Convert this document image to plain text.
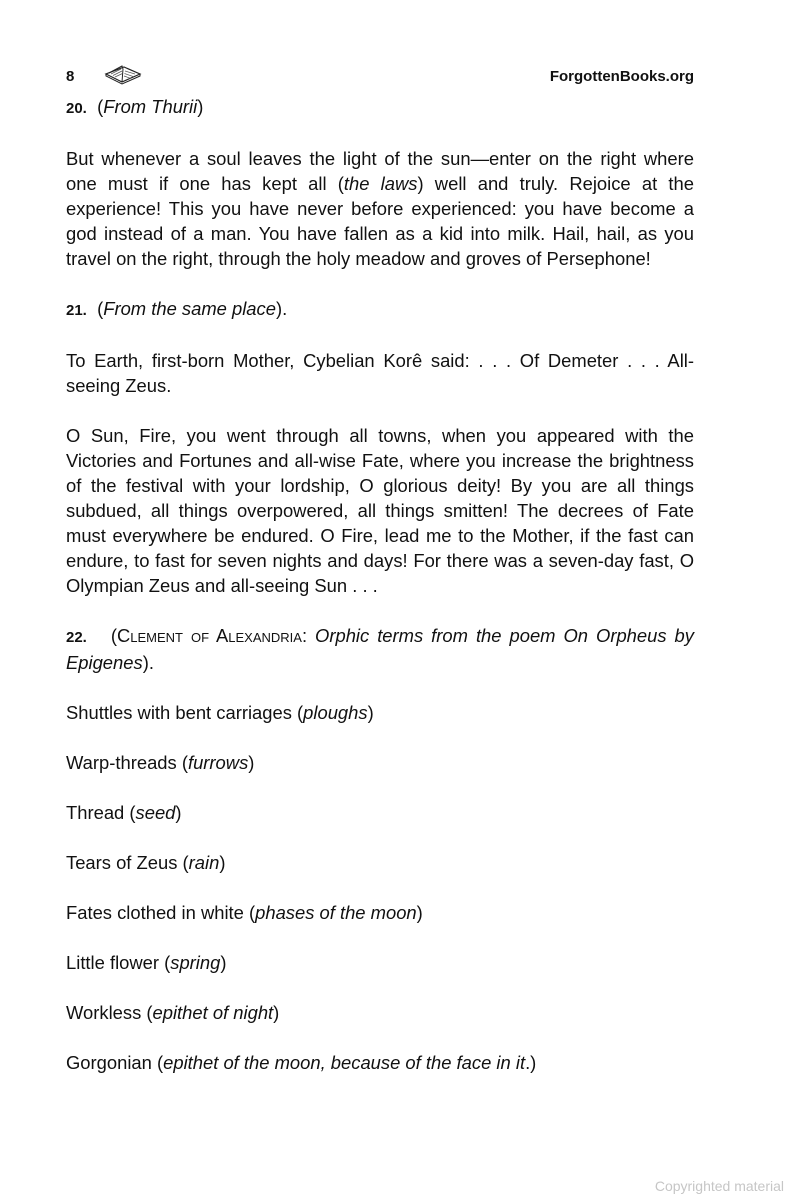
8	ForgottenBooks.org

20. (From Thurii)

But whenever a soul leaves the light of the sun—enter on the right where one must if one has kept all (the laws) well and truly. Rejoice at the experience! This you have never before experienced: you have become a god instead of a man. You have fallen as a kid into milk. Hail, hail, as you travel on the right, through the holy meadow and groves of Persephone!

21. (From the same place).

To Earth, first-born Mother, Cybelian Korê said: . . . Of Demeter . . . All-seeing Zeus.

O Sun, Fire, you went through all towns, when you appeared with the Victories and Fortunes and all-wise Fate, where you increase the brightness of the festival with your lordship, O glorious deity! By you are all things subdued, all things overpowered, all things smitten! The decrees of Fate must everywhere be endured. O Fire, lead me to the Mother, if the fast can endure, to fast for seven nights and days! For there was a seven-day fast, O Olympian Zeus and all-seeing Sun . . .

22. (Clement of Alexandria: Orphic terms from the poem On Orpheus by Epigenes).

Shuttles with bent carriages (ploughs)

Warp-threads (furrows)

Thread (seed)

Tears of Zeus (rain)

Fates clothed in white (phases of the moon)

Little flower (spring)

Workless (epithet of night)

Gorgonian (epithet of the moon, because of the face in it.)

Copyrighted material
